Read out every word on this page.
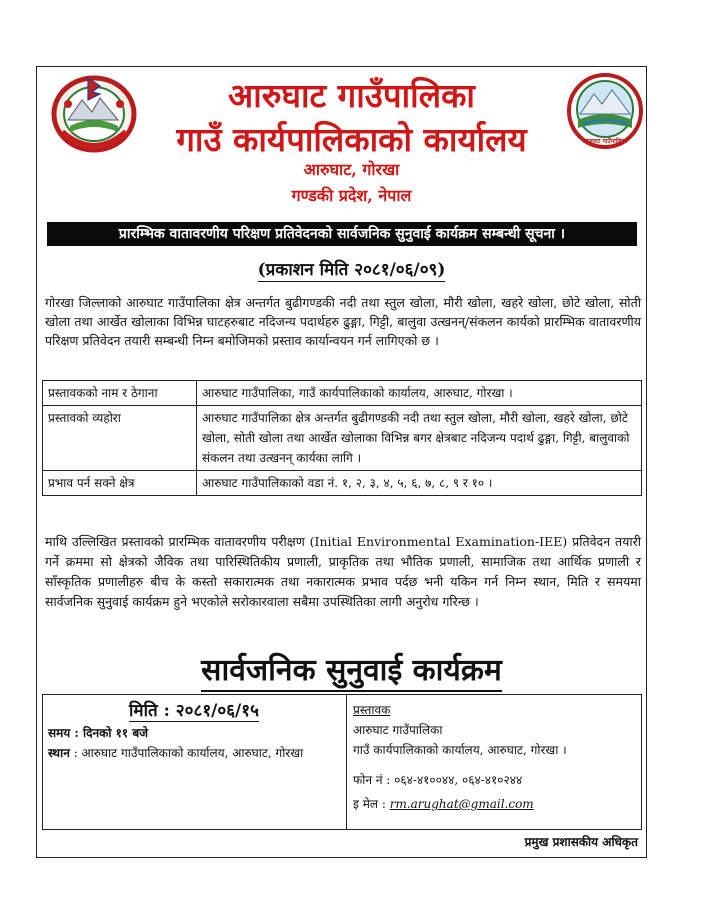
आरुघाट गाउँपालिका
आरुघाट गाउँपालिका
गाउँ कार्यपालिकाको कार्यालय
आरुघाट, गोरखा
गण्डकी प्रदेश, नेपाल
प्रारम्भिक वातावरणीय परिक्षण प्रतिवेदनको सार्वजनिक सुनुवाई कार्यक्रम सम्बन्धी सूचना ।
(प्रकाशन मिति २०८१/०६/०९)
गोरखा जिल्लाको आरुघाट गाउँपालिका क्षेत्र अन्तर्गत बुढीगण्डकी नदी तथा स्तुल खोला, मौरी खोला, खहरे खोला, छोटे खोला, सोती खोला तथा आर्खेत खोलाका विभिन्न घाटहरुबाट नदिजन्य पदार्थहरु ढुङ्गा, गिट्टी, बालुवा उत्खनन्/संकलन कार्यको प्रारम्भिक वातावरणीय परिक्षण प्रतिवेदन तयारी सम्बन्धी निम्न बमोजिमको प्रस्ताव कार्यान्वयन गर्न लागिएको छ ।
प्रस्तावकको नाम र ठेगाना	आरुघाट गाउँपालिका, गाउँ कार्यपालिकाको कार्यालय, आरुघाट, गोरखा ।
प्रस्तावको व्यहोरा	आरुघाट गाउँपालिका क्षेत्र अन्तर्गत बुढीगण्डकी नदी तथा स्तुल खोला, मौरी खोला, खहरे खोला, छोटे खोला, सोती खोला तथा आर्खेत खोलाका विभिन्न बगर क्षेत्रबाट नदिजन्य पदार्थ ढुङ्गा, गिट्टी, बालुवाको संकलन तथा उत्खनन् कार्यका लागि ।
प्रभाव पर्न सक्ने क्षेत्र	आरुघाट गाउँपालिकाको वडा नं. १, २, ३, ४, ५, ६, ७, ८, ९ र १० ।
माथि उल्लिखित प्रस्तावको प्रारम्भिक वातावरणीय परीक्षण (Initial Environmental Examination-IEE) प्रतिवेदन तयारी गर्ने क्रममा सो क्षेत्रको जैविक तथा पारिस्थितिकीय प्रणाली, प्राकृतिक तथा भौतिक प्रणाली, सामाजिक तथा आर्थिक प्रणाली र साँस्कृतिक प्रणालीहरु बीच के कस्तो सकारात्मक तथा नकारात्मक प्रभाव पर्दछ भनी यकिन गर्न निम्न स्थान, मिति र समयमा सार्वजनिक सुनुवाई कार्यक्रम हुने भएकोले सरोकारवाला सबैमा उपस्थितिका लागी अनुरोध गरिन्छ ।
सार्वजनिक सुनुवाई कार्यक्रम
मिति : २०८१/०६/१५
समय : दिनको ११ बजे
स्थान : आरुघाट गाउँपालिकाको कार्यालय, आरुघाट, गोरखा
प्रस्तावक
आरुघाट गाउँपालिका
गाउँ कार्यपालिकाको कार्यालय, आरुघाट, गोरखा ।
फोन नं : ०६४-४१००४४, ०६४-४१०२४४
इ मेल : rm.arughat@gmail.com
प्रमुख प्रशासकीय अधिकृत
